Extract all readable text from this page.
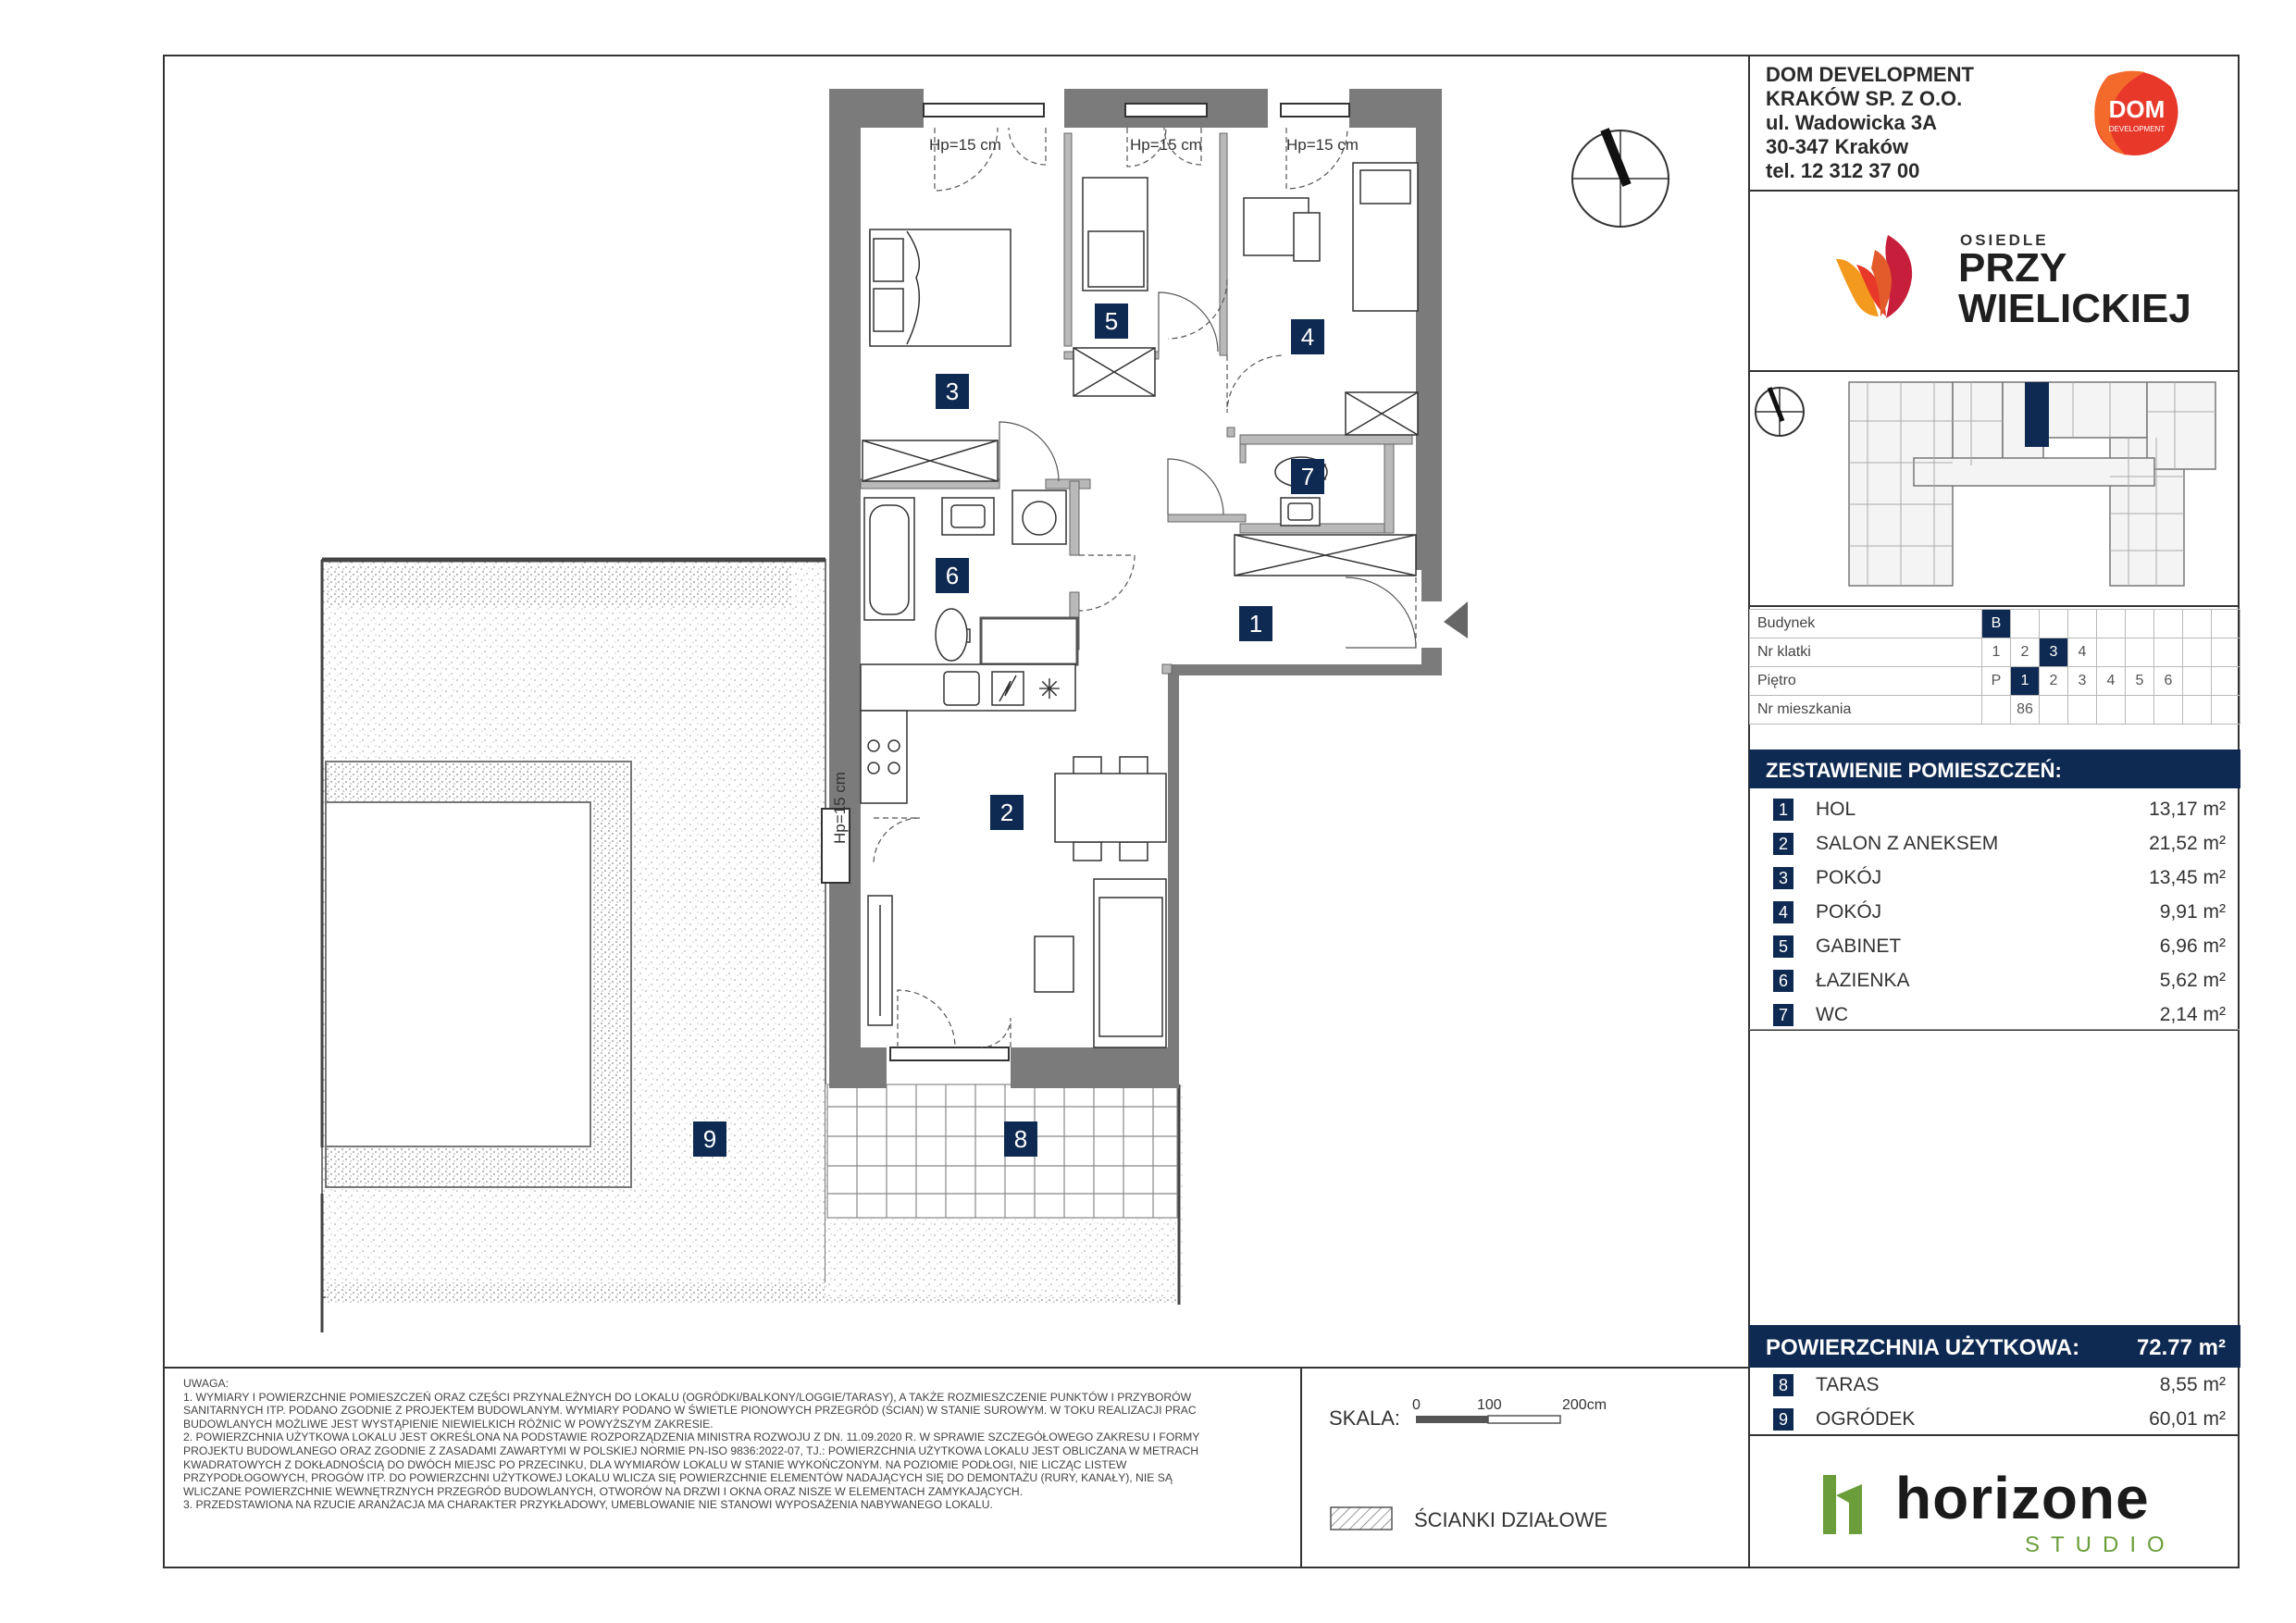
DOM DEVELOPMENT
KRAKÓW SP. Z O.O.
ul. Wadowicka 3A
30-347 Kraków
tel. 12 312 37 00
DOM
DEVELOPMENT
OSIEDLE
PRZY
WIELICKIEJ
Budynek	B								
Nr klatki	1	2	3	4					
Piętro	P	1	2	3	4	5	6		
Nr mieszkania		86							
ZESTAWIENIE POMIESZCZEŃ:
1 HOL	13,17 m²
2 SALON Z ANEKSEM	21,52 m²
3 POKÓJ	13,45 m²
4 POKÓJ	9,91 m²
5 GABINET	6,96 m²
6 ŁAZIENKA	5,62 m²
7 WC	2,14 m²
POWIERZCHNIA UŻYTKOWA:	72.77 m²
8 TARAS	8,55 m²
9 OGRÓDEK	60,01 m²
horizone
STUDIO
UWAGA:
1. WYMIARY I POWIERZCHNIE POMIESZCZEŃ ORAZ CZĘŚCI PRZYNALEŻNYCH DO LOKALU (OGRÓDKI/BALKONY/LOGGIE/TARASY), A TAKŻE ROZMIESZCZENIE PUNKTÓW I PRZYBORÓW
SANITARNYCH ITP. PODANO ZGODNIE Z PROJEKTEM BUDOWLANYM. WYMIARY PODANO W ŚWIETLE PIONOWYCH PRZEGRÓD (ŚCIAN) W STANIE SUROWYM. W TOKU REALIZACJI PRAC
BUDOWLANYCH MOŻLIWE JEST WYSTĄPIENIE NIEWIELKICH RÓŻNIC W POWYŻSZYM ZAKRESIE.
2. POWIERZCHNIA UŻYTKOWA LOKALU JEST OKREŚLONA NA PODSTAWIE ROZPORZĄDZENIA MINISTRA ROZWOJU Z DN. 11.09.2020 R. W SPRAWIE SZCZEGÓŁOWEGO ZAKRESU I FORMY
PROJEKTU BUDOWLANEGO ORAZ ZGODNIE Z ZASADAMI ZAWARTYMI W POLSKIEJ NORMIE PN-ISO 9836:2022-07, TJ.: POWIERZCHNIA UŻYTKOWA LOKALU JEST OBLICZANA W METRACH
KWADRATOWYCH Z DOKŁADNOŚCIĄ DO DWÓCH MIEJSC PO PRZECINKU, DLA WYMIARÓW LOKALU W STANIE WYKOŃCZONYM. NA POZIOMIE PODŁOGI, NIE LICZĄC LISTEW
PRZYPODŁOGOWYCH, PROGÓW ITP. DO POWIERZCHNI UŻYTKOWEJ LOKALU WLICZA SIĘ POWIERZCHNIE ELEMENTÓW NADAJĄCYCH SIĘ DO DEMONTAŻU (RURY, KANAŁY), NIE SĄ
WLICZANE POWIERZCHNIE WEWNĘTRZNYCH PRZEGRÓD BUDOWLANYCH, OTWORÓW NA DRZWI I OKNA ORAZ NISZE W ELEMENTACH ZAMYKAJĄCYCH.
3. PRZEDSTAWIONA NA RZUCIE ARANŻACJA MA CHARAKTER PRZYKŁADOWY, UMEBLOWANIE NIE STANOWI WYPOSAŻENIA NABYWANEGO LOKALU.
SKALA:
0	100	200cm
ŚCIANKI DZIAŁOWE
✳
1
2
3
4
5
6
7
8
9
Hp=15 cm	Hp=15 cm	Hp=15 cm
Hp=15 cm
